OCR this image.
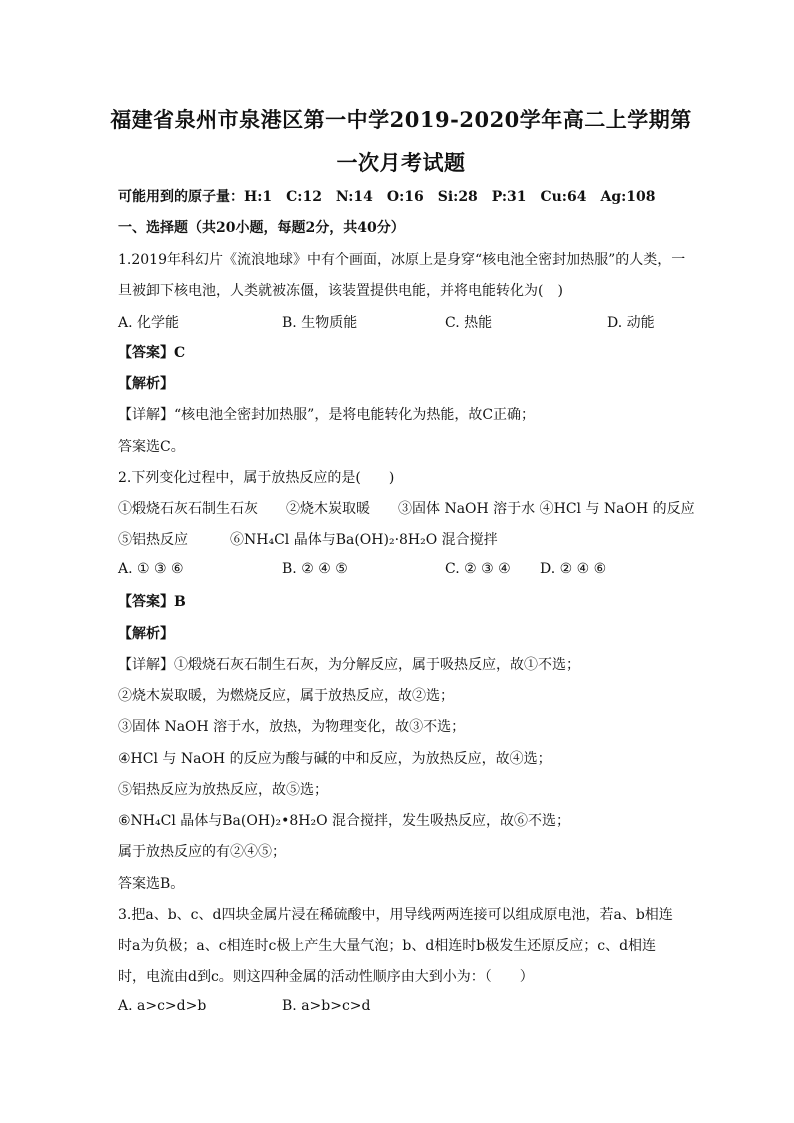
福建省泉州市泉港区第一中学2019-2020学年高二上学期第
一次月考试题
可能用到的原子量：H:1　C:12　N:14　O:16　Si:28　P:31　Cu:64　Ag:108
一、选择题（共20小题，每题2分，共40分）
1.2019年科幻片《流浪地球》中有个画面，冰原上是身穿“核电池全密封加热服”的人类，一
旦被卸下核电池，人类就被冻僵，该装置提供电能，并将电能转化为(　)
A. 化学能	B. 生物质能	C. 热能	D. 动能
【答案】C
【解析】
【详解】“核电池全密封加热服”，是将电能转化为热能，故C正确；
答案选C。
2.下列变化过程中，属于放热反应的是(　　)
①煅烧石灰石制生石灰　　②烧木炭取暖　　③固体 NaOH 溶于水 ④HCl 与 NaOH 的反应
⑤铝热反应　　　⑥NH₄Cl 晶体与Ba(OH)₂·8H₂O 混合搅拌
A. ① ③ ⑥	B. ② ④ ⑤	C. ② ③ ④ D. ② ④ ⑥
【答案】B
【解析】
【详解】①煅烧石灰石制生石灰，为分解反应，属于吸热反应，故①不选；
②烧木炭取暖，为燃烧反应，属于放热反应，故②选；
③固体 NaOH 溶于水，放热，为物理变化，故③不选；
④HCl 与 NaOH 的反应为酸与碱的中和反应，为放热反应，故④选；
⑤铝热反应为放热反应，故⑤选；
⑥NH₄Cl 晶体与Ba(OH)₂•8H₂O 混合搅拌，发生吸热反应，故⑥不选；
属于放热反应的有②④⑤；
答案选B。
3.把a、b、c、d四块金属片浸在稀硫酸中，用导线两两连接可以组成原电池，若a、b相连
时a为负极；a、c相连时c极上产生大量气泡；b、d相连时b极发生还原反应；c、d相连
时，电流由d到c。则这四种金属的活动性顺序由大到小为：（　　）
A. a>c>d>b	B. a>b>c>d
